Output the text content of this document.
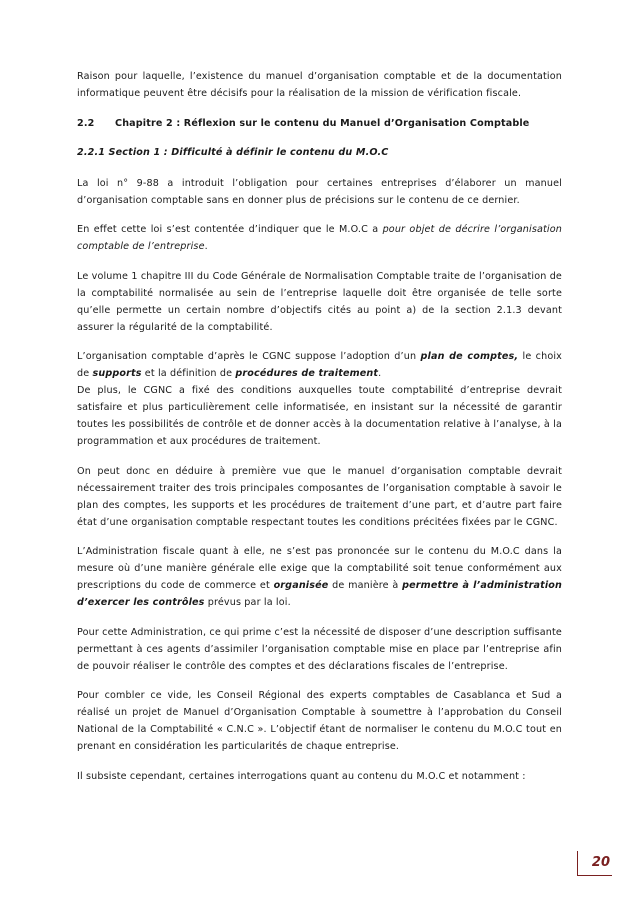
Raison pour laquelle, l’existence du manuel d’organisation comptable et de la documentation informatique peuvent être décisifs pour la réalisation de la mission de vérification fiscale.

2.2	Chapitre 2 : Réflexion sur le contenu du Manuel d’Organisation Comptable
2.2.1 Section 1 : Difficulté à définir le contenu du M.O.C

La loi n° 9-88 a introduit l’obligation pour certaines entreprises d’élaborer un manuel d’organisation comptable sans en donner plus de précisions sur le contenu de ce dernier.

En effet cette loi s’est contentée d’indiquer que le M.O.C a pour objet de décrire l’organisation comptable de l’entreprise.

Le volume 1 chapitre III du Code Générale de Normalisation Comptable traite de l’organisation de la comptabilité normalisée au sein de l’entreprise laquelle doit être organisée de telle sorte qu’elle permette un certain nombre d’objectifs cités au point a) de la section 2.1.3 devant assurer la régularité de la comptabilité.

L’organisation comptable d’après le CGNC suppose l’adoption d’un plan de comptes, le choix de supports et la définition de procédures de traitement.

De plus, le CGNC a fixé des conditions auxquelles toute comptabilité d’entreprise devrait satisfaire et plus particulièrement celle informatisée, en insistant sur la nécessité de garantir toutes les possibilités de contrôle et de donner accès à la documentation relative à l’analyse, à la programmation et aux procédures de traitement.

On peut donc en déduire à première vue que le manuel d’organisation comptable devrait nécessairement traiter des trois principales composantes de l’organisation comptable à savoir le plan des comptes, les supports et les procédures de traitement d’une part, et d’autre part faire état d’une organisation comptable respectant toutes les conditions précitées fixées par le CGNC.

L’Administration fiscale quant à elle, ne s’est pas prononcée sur le contenu du M.O.C dans la mesure où d’une manière générale elle exige que la comptabilité soit tenue conformément aux prescriptions du code de commerce et organisée de manière à permettre à l’administration d’exercer les contrôles prévus par la loi.

Pour cette Administration, ce qui prime c’est la nécessité de disposer d’une description suffisante permettant à ces agents d’assimiler l’organisation comptable mise en place par l’entreprise afin de pouvoir réaliser le contrôle des comptes et des déclarations fiscales de l’entreprise.

Pour combler ce vide, les Conseil Régional des experts comptables de Casablanca et Sud a réalisé un projet de Manuel d’Organisation Comptable à soumettre à l’approbation du Conseil National de la Comptabilité « C.N.C ». L’objectif étant de normaliser le contenu du M.O.C tout en prenant en considération les particularités de chaque entreprise.

Il subsiste cependant, certaines interrogations quant au contenu du M.O.C et notamment :

20
